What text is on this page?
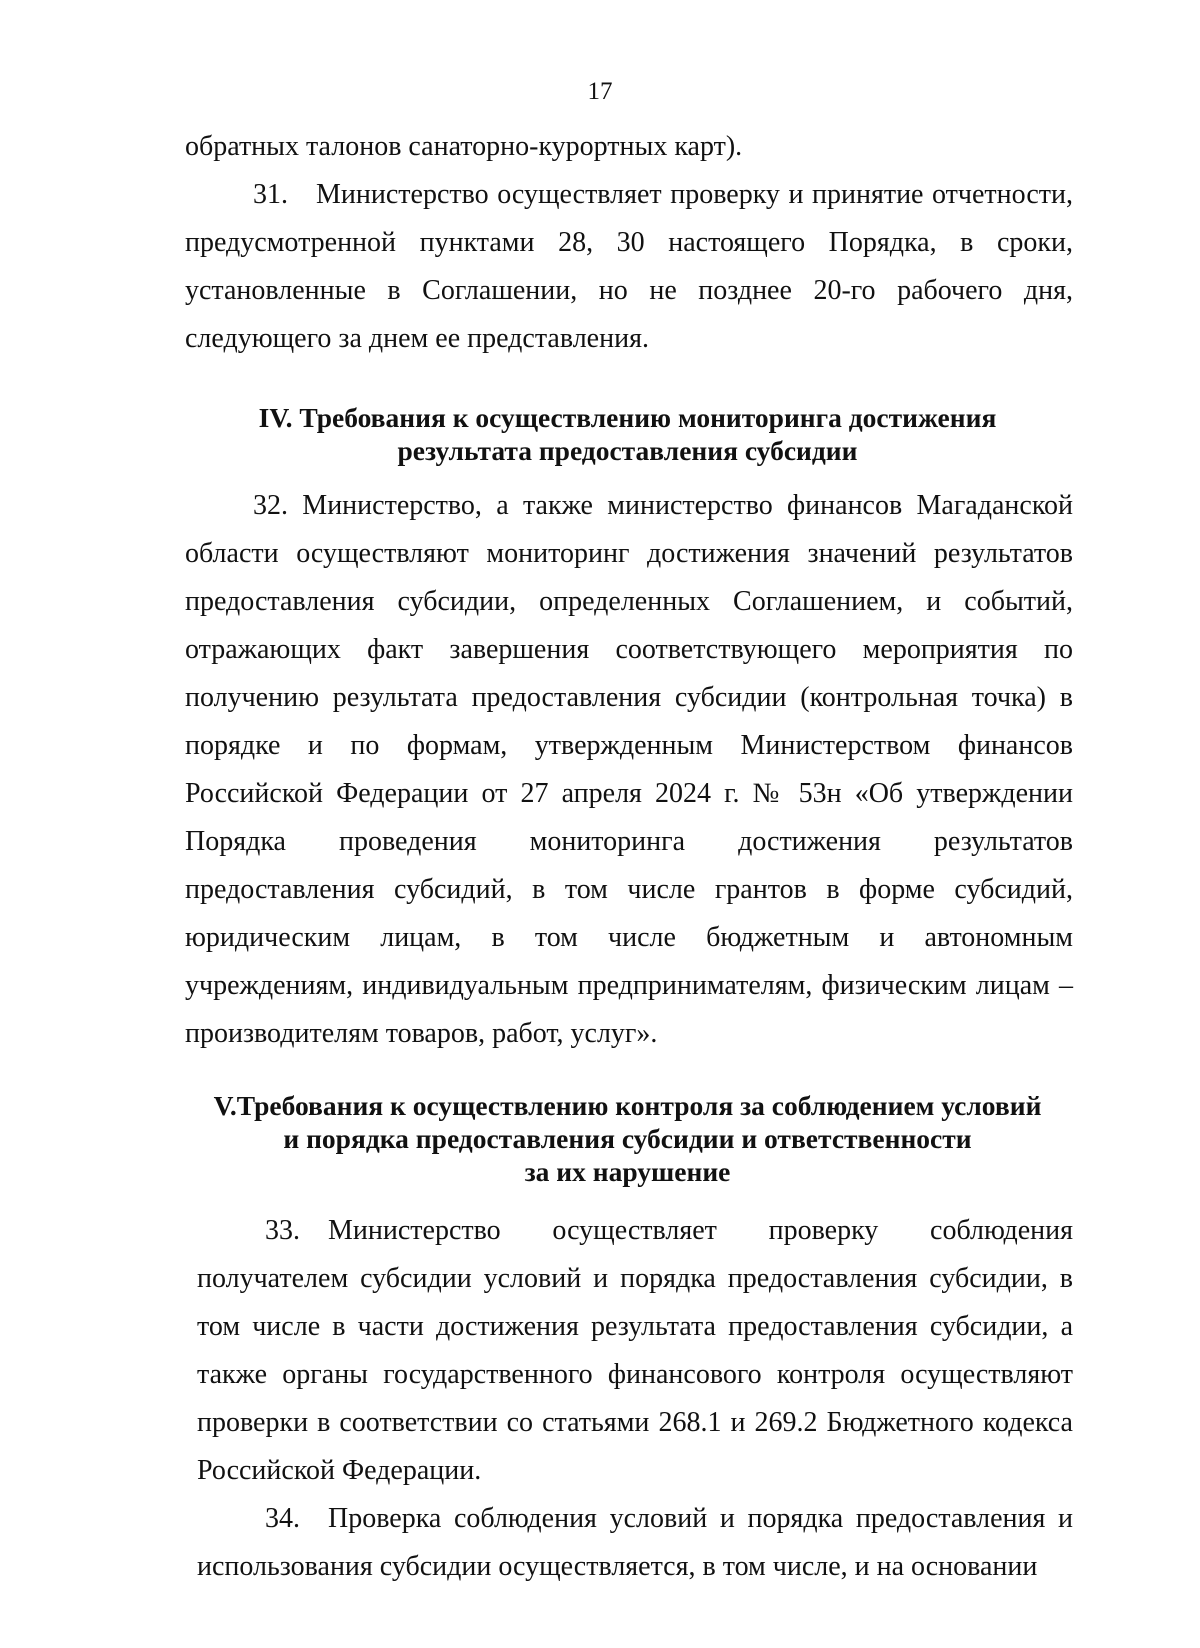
17
обратных талонов санаторно-курортных карт).
31. Министерство осуществляет проверку и принятие отчетности, предусмотренной пунктами 28, 30 настоящего Порядка, в сроки, установленные в Соглашении, но не позднее 20-го рабочего дня, следующего за днем ее представления.
IV. Требования к осуществлению мониторинга достижения
результата предоставления субсидии
32. Министерство, а также министерство финансов Магаданской области осуществляют мониторинг достижения значений результатов предоставления субсидии, определенных Соглашением, и событий, отражающих факт завершения соответствующего мероприятия по получению результата предоставления субсидии (контрольная точка) в порядке и по формам, утвержденным Министерством финансов Российской Федерации от 27 апреля 2024 г. № 53н «Об утверждении Порядка проведения мониторинга достижения результатов предоставления субсидий, в том числе грантов в форме субсидий, юридическим лицам, в том числе бюджетным и автономным учреждениям, индивидуальным предпринимателям, физическим лицам – производителям товаров, работ, услуг».
V.Требования к осуществлению контроля за соблюдением условий
и порядка предоставления субсидии и ответственности
за их нарушение
33. Министерство осуществляет проверку соблюдения получателем субсидии условий и порядка предоставления субсидии, в том числе в части достижения результата предоставления субсидии, а также органы государственного финансового контроля осуществляют проверки в соответствии со статьями 268.1 и 269.2 Бюджетного кодекса Российской Федерации.
34. Проверка соблюдения условий и порядка предоставления и использования субсидии осуществляется, в том числе, и на основании
